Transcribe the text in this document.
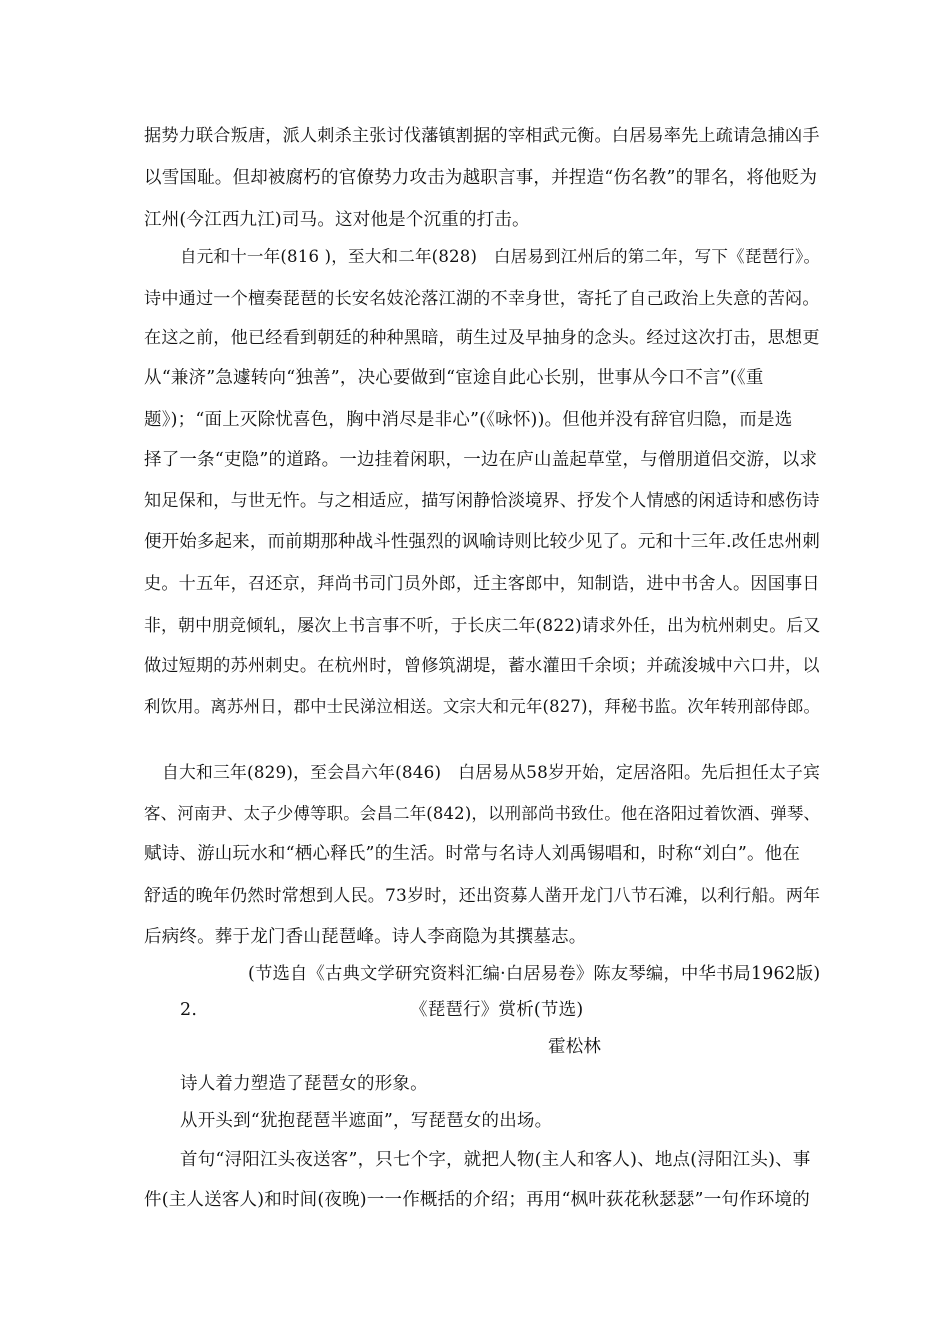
据势力联合叛唐，派人刺杀主张讨伐藩镇割据的宰相武元衡。白居易率先上疏请急捕凶手
以雪国耻。但却被腐朽的官僚势力攻击为越职言事，并捏造“伤名教”的罪名，将他贬为
江州(今江西九江)司马。这对他是个沉重的打击。
自元和十一年(816 )，至大和二年(828)　白居易到江州后的第二年，写下《琵琶行》。
诗中通过一个檀奏琵琶的长安名妓沦落江湖的不幸身世，寄托了自己政治上失意的苦闷。
在这之前，他已经看到朝廷的种种黑暗，萌生过及早抽身的念头。经过这次打击，思想更
从“兼济”急遽转向“独善”，决心要做到“宦途自此心长别，世事从今口不言”(《重
题》)；“面上灭除忧喜色，胸中消尽是非心”(《咏怀))。但他并没有辞官归隐，而是选
择了一条“吏隐”的道路。一边挂着闲职，一边在庐山盖起草堂，与僧朋道侣交游，以求
知足保和，与世无忤。与之相适应，描写闲静恰淡境界、抒发个人情感的闲适诗和感伤诗
便开始多起来，而前期那种战斗性强烈的讽喻诗则比较少见了。元和十三年.改任忠州刺
史。十五年，召还京，拜尚书司门员外郎，迁主客郎中，知制诰，进中书舍人。因国事日
非，朝中朋竞倾轧，屡次上书言事不听，于长庆二年(822)请求外任，出为杭州刺史。后又
做过短期的苏州刺史。在杭州时，曾修筑湖堤，蓄水灌田千余顷；并疏浚城中六口井，以
利饮用。离苏州日，郡中士民涕泣相送。文宗大和元年(827)，拜秘书监。次年转刑部侍郎。
自大和三年(829)，至会昌六年(846)　白居易从58岁开始，定居洛阳。先后担任太子宾
客、河南尹、太子少傅等职。会昌二年(842)，以刑部尚书致仕。他在洛阳过着饮酒、弹琴、
赋诗、游山玩水和“栖心释氏”的生活。时常与名诗人刘禹锡唱和，时称“刘白”。他在
舒适的晚年仍然时常想到人民。73岁时，还出资募人凿开龙门八节石滩，以利行船。两年
后病终。葬于龙门香山琵琶峰。诗人李商隐为其撰墓志。
(节选自《古典文学研究资料汇编·白居易卷》陈友琴编，中华书局1962版)
2.	《琵琶行》赏析(节选)
霍松林
诗人着力塑造了琵琶女的形象。
从开头到“犹抱琵琶半遮面”，写琵琶女的出场。
首句“浔阳江头夜送客”，只七个字，就把人物(主人和客人)、地点(浔阳江头)、事
件(主人送客人)和时间(夜晚)一一作概括的介绍；再用“枫叶荻花秋瑟瑟”一句作环境的
